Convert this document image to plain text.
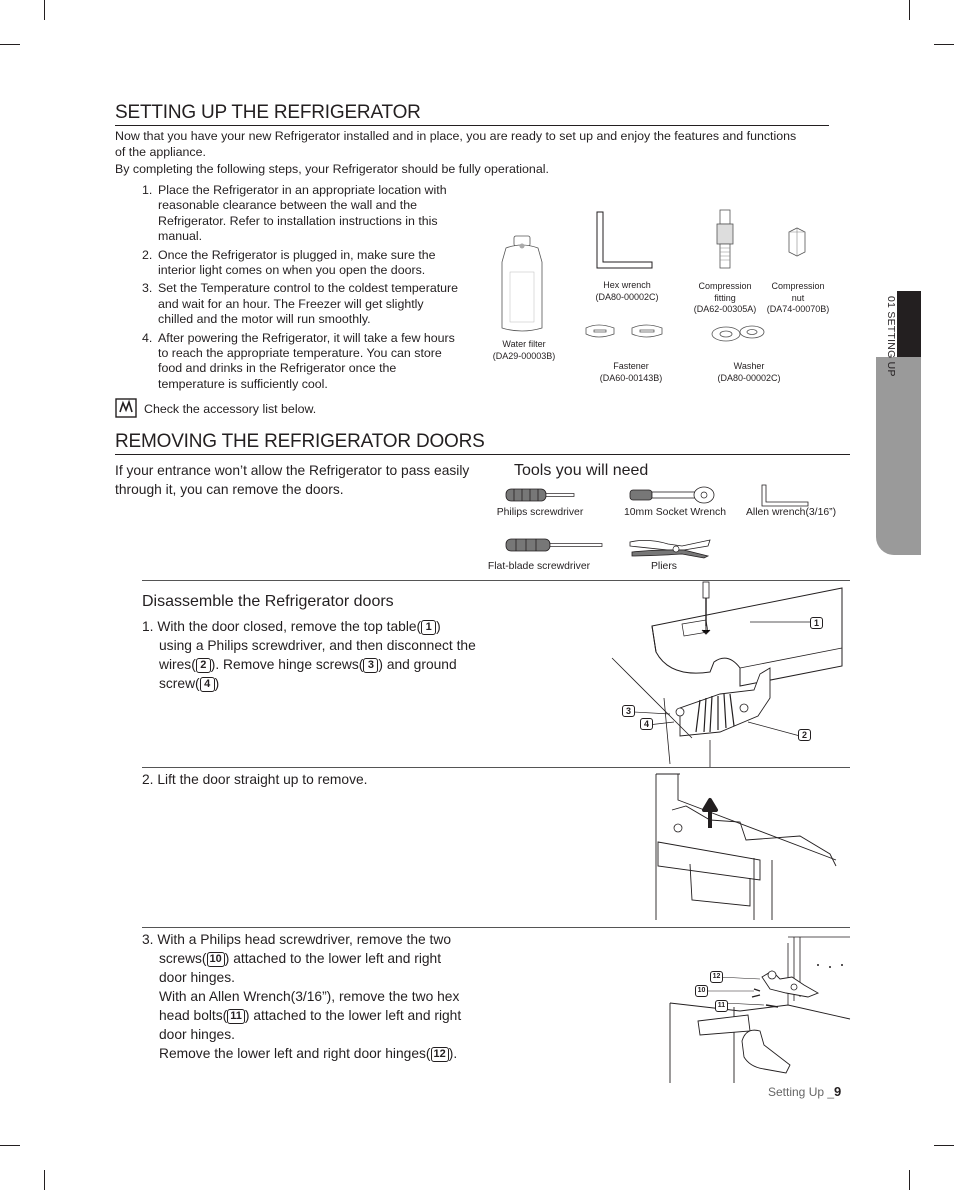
01 SETTING UP
SETTING UP THE REFRIGERATOR
Now that you have your new Refrigerator installed and in place, you are ready to set up and enjoy the features and functions of the appliance.
By completing the following steps, your Refrigerator should be fully operational.
1. Place the Refrigerator in an appropriate location with reasonable clearance between the wall and the Refrigerator. Refer to installation instructions in this manual.
2. Once the Refrigerator is plugged in, make sure the interior light comes on when you open the doors.
3. Set the Temperature control to the coldest temperature and wait for an hour. The Freezer will get slightly chilled and the motor will run smoothly.
4. After powering the Refrigerator, it will take a few hours to reach the appropriate temperature. You can store food and drinks in the Refrigerator once the temperature is sufficiently cool.
Check the accessory list below.
Water filter
(DA29-00003B)
Hex wrench
(DA80-00002C)
Compression
fitting
(DA62-00305A)
Compression
nut
(DA74-00070B)
Fastener
(DA60-00143B)
Washer
(DA80-00002C)
REMOVING THE REFRIGERATOR DOORS
If your entrance won’t allow the Refrigerator to pass easily through it, you can remove the doors.
Tools you will need
Philips screwdriver	10mm Socket Wrench	Allen wrench(3/16”)
Flat-blade screwdriver	Pliers
Disassemble the Refrigerator doors
1. With the door closed, remove the top table( 1 )
using a Philips screwdriver, and then disconnect the
wires( 2 ). Remove hinge screws( 3 ) and ground
screw( 4 )
1
2
3
4
2. Lift the door straight up to remove.
3. With a Philips head screwdriver, remove the two
screws( 10 ) attached to the lower left and right
door hinges.
With an Allen Wrench(3/16”), remove the two hex
head bolts( 11 ) attached to the lower left and right
door hinges.
Remove the lower left and right door hinges( 12 ).
12
10
11
Setting Up _9
